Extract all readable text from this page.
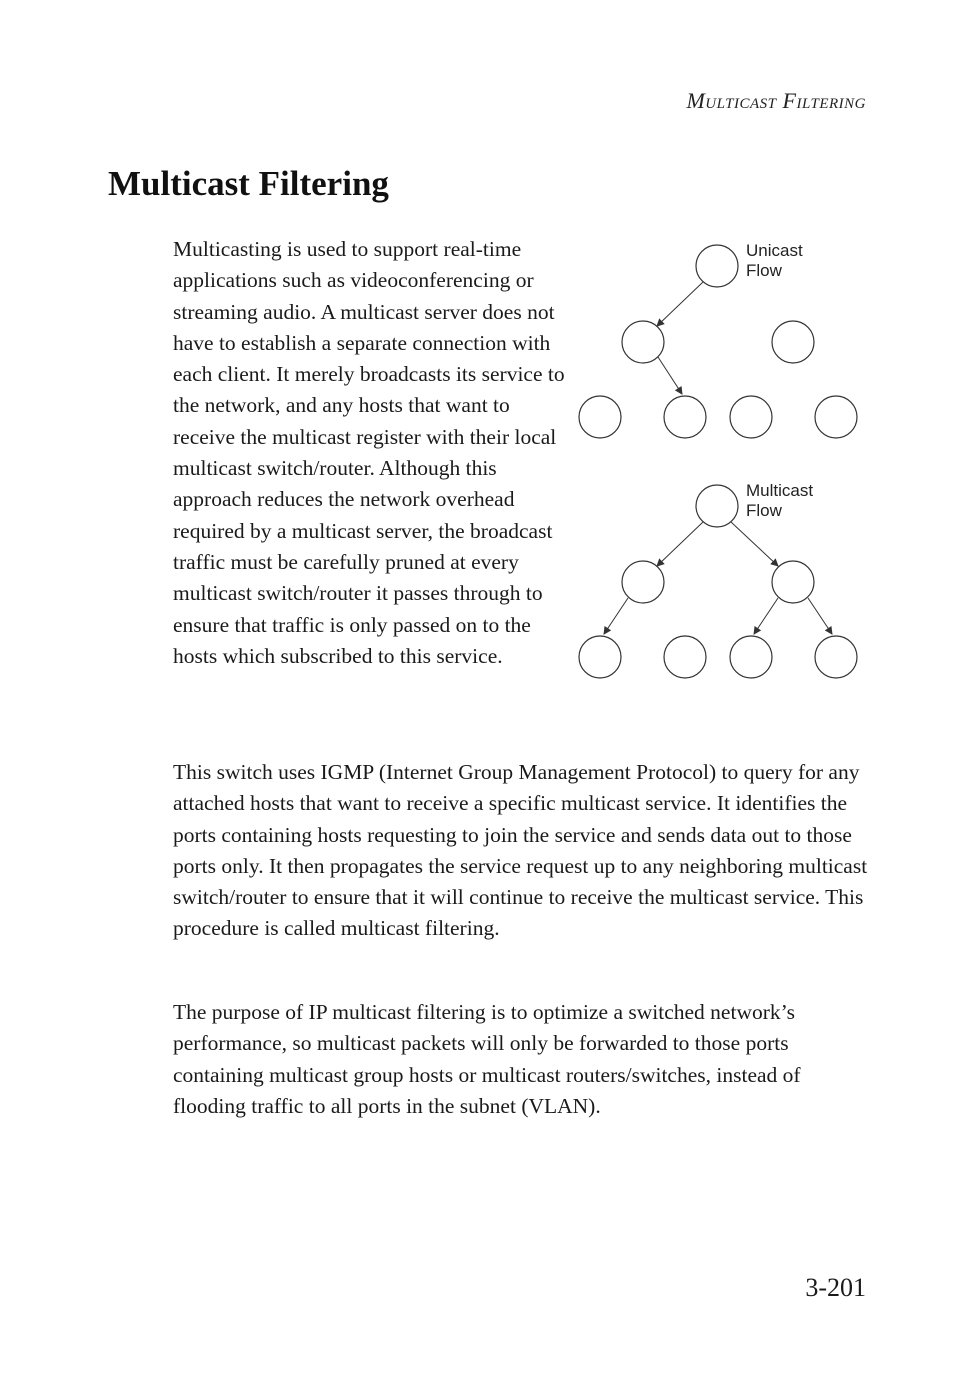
Multicast Filtering
Multicast Filtering

Multicasting is used to support real-time applications such as videoconferencing or streaming audio. A multicast server does not have to establish a separate connection with each client. It merely broadcasts its service to the network, and any hosts that want to receive the multicast register with their local multicast switch/router. Although this approach reduces the network overhead required by a multicast server, the broadcast traffic must be carefully pruned at every multicast switch/router it passes through to ensure that traffic is only passed on to the hosts which subscribed to this service.

Unicast
Flow
Multicast
Flow

This switch uses IGMP (Internet Group Management Protocol) to query for any attached hosts that want to receive a specific multicast service. It identifies the ports containing hosts requesting to join the service and sends data out to those ports only. It then propagates the service request up to any neighboring multicast switch/router to ensure that it will continue to receive the multicast service. This procedure is called multicast filtering.

The purpose of IP multicast filtering is to optimize a switched network’s performance, so multicast packets will only be forwarded to those ports containing multicast group hosts or multicast routers/switches, instead of flooding traffic to all ports in the subnet (VLAN).

3-201
